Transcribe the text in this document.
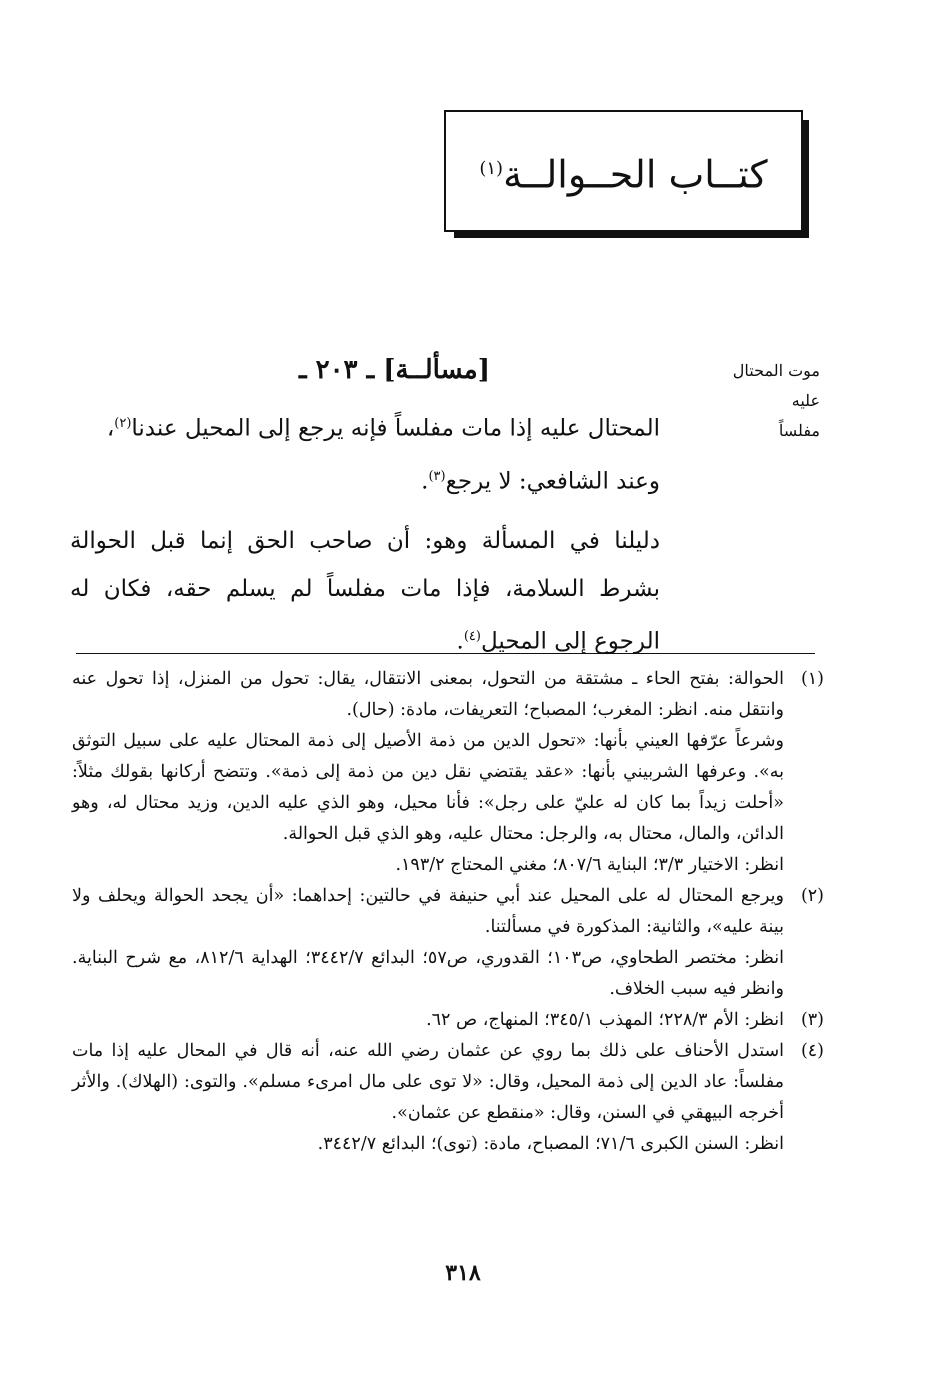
كتــاب الحــوالــة$^{(١)}$
موت المحتال عليه
مفلساً
[مسألــة] ـ ٢٠٣ ـ

المحتال عليه إذا مات مفلساً فإنه يرجع إلى المحيل عندنا$^{(٢)}$،

وعند الشافعي: لا يرجع$^{(٣)}$.

دليلنا في المسألة وهو: أن صاحب الحق إنما قبل الحوالة بشرط السلامة، فإذا مات مفلساً لم يسلم حقه، فكان له الرجوع إلى المحيل$^{(٤)}$.

(١)

الحوالة: بفتح الحاء ـ مشتقة من التحول، بمعنى الانتقال، يقال: تحول من المنزل، إذا تحول عنه وانتقل منه. انظر: المغرب؛ المصباح؛ التعريفات، مادة: (حال).

وشرعاً عرّفها العيني بأنها: «تحول الدين من ذمة الأصيل إلى ذمة المحتال عليه على سبيل التوثق به». وعرفها الشربيني بأنها: «عقد يقتضي نقل دين من ذمة إلى ذمة». وتتضح أركانها بقولك مثلاً: «أحلت زيداً بما كان له عليّ على رجل»: فأنا محيل، وهو الذي عليه الدين، وزيد محتال له، وهو الدائن، والمال، محتال به، والرجل: محتال عليه، وهو الذي قبل الحوالة.

انظر: الاختيار ٣/٣؛ البناية ٨٠٧/٦؛ مغني المحتاج ١٩٣/٢.

(٢)

ويرجع المحتال له على المحيل عند أبي حنيفة في حالتين: إحداهما: «أن يجحد الحوالة ويحلف ولا بينة عليه»، والثانية: المذكورة في مسألتنا.

انظر: مختصر الطحاوي، ص١٠٣؛ القدوري، ص٥٧؛ البدائع ٣٤٤٢/٧؛ الهداية ٨١٢/٦، مع شرح البناية. وانظر فيه سبب الخلاف.

(٣)

انظر: الأم ٢٢٨/٣؛ المهذب ٣٤٥/١؛ المنهاج، ص ٦٢.

(٤)

استدل الأحناف على ذلك بما روي عن عثمان رضي الله عنه، أنه قال في المحال عليه إذا مات مفلساً: عاد الدين إلى ذمة المحيل، وقال: «لا توى على مال امرىء مسلم». والتوى: (الهلاك). والأثر أخرجه البيهقي في السنن، وقال: «منقطع عن عثمان».

انظر: السنن الكبرى ٧١/٦؛ المصباح، مادة: (توى)؛ البدائع ٣٤٤٢/٧.

٣١٨
